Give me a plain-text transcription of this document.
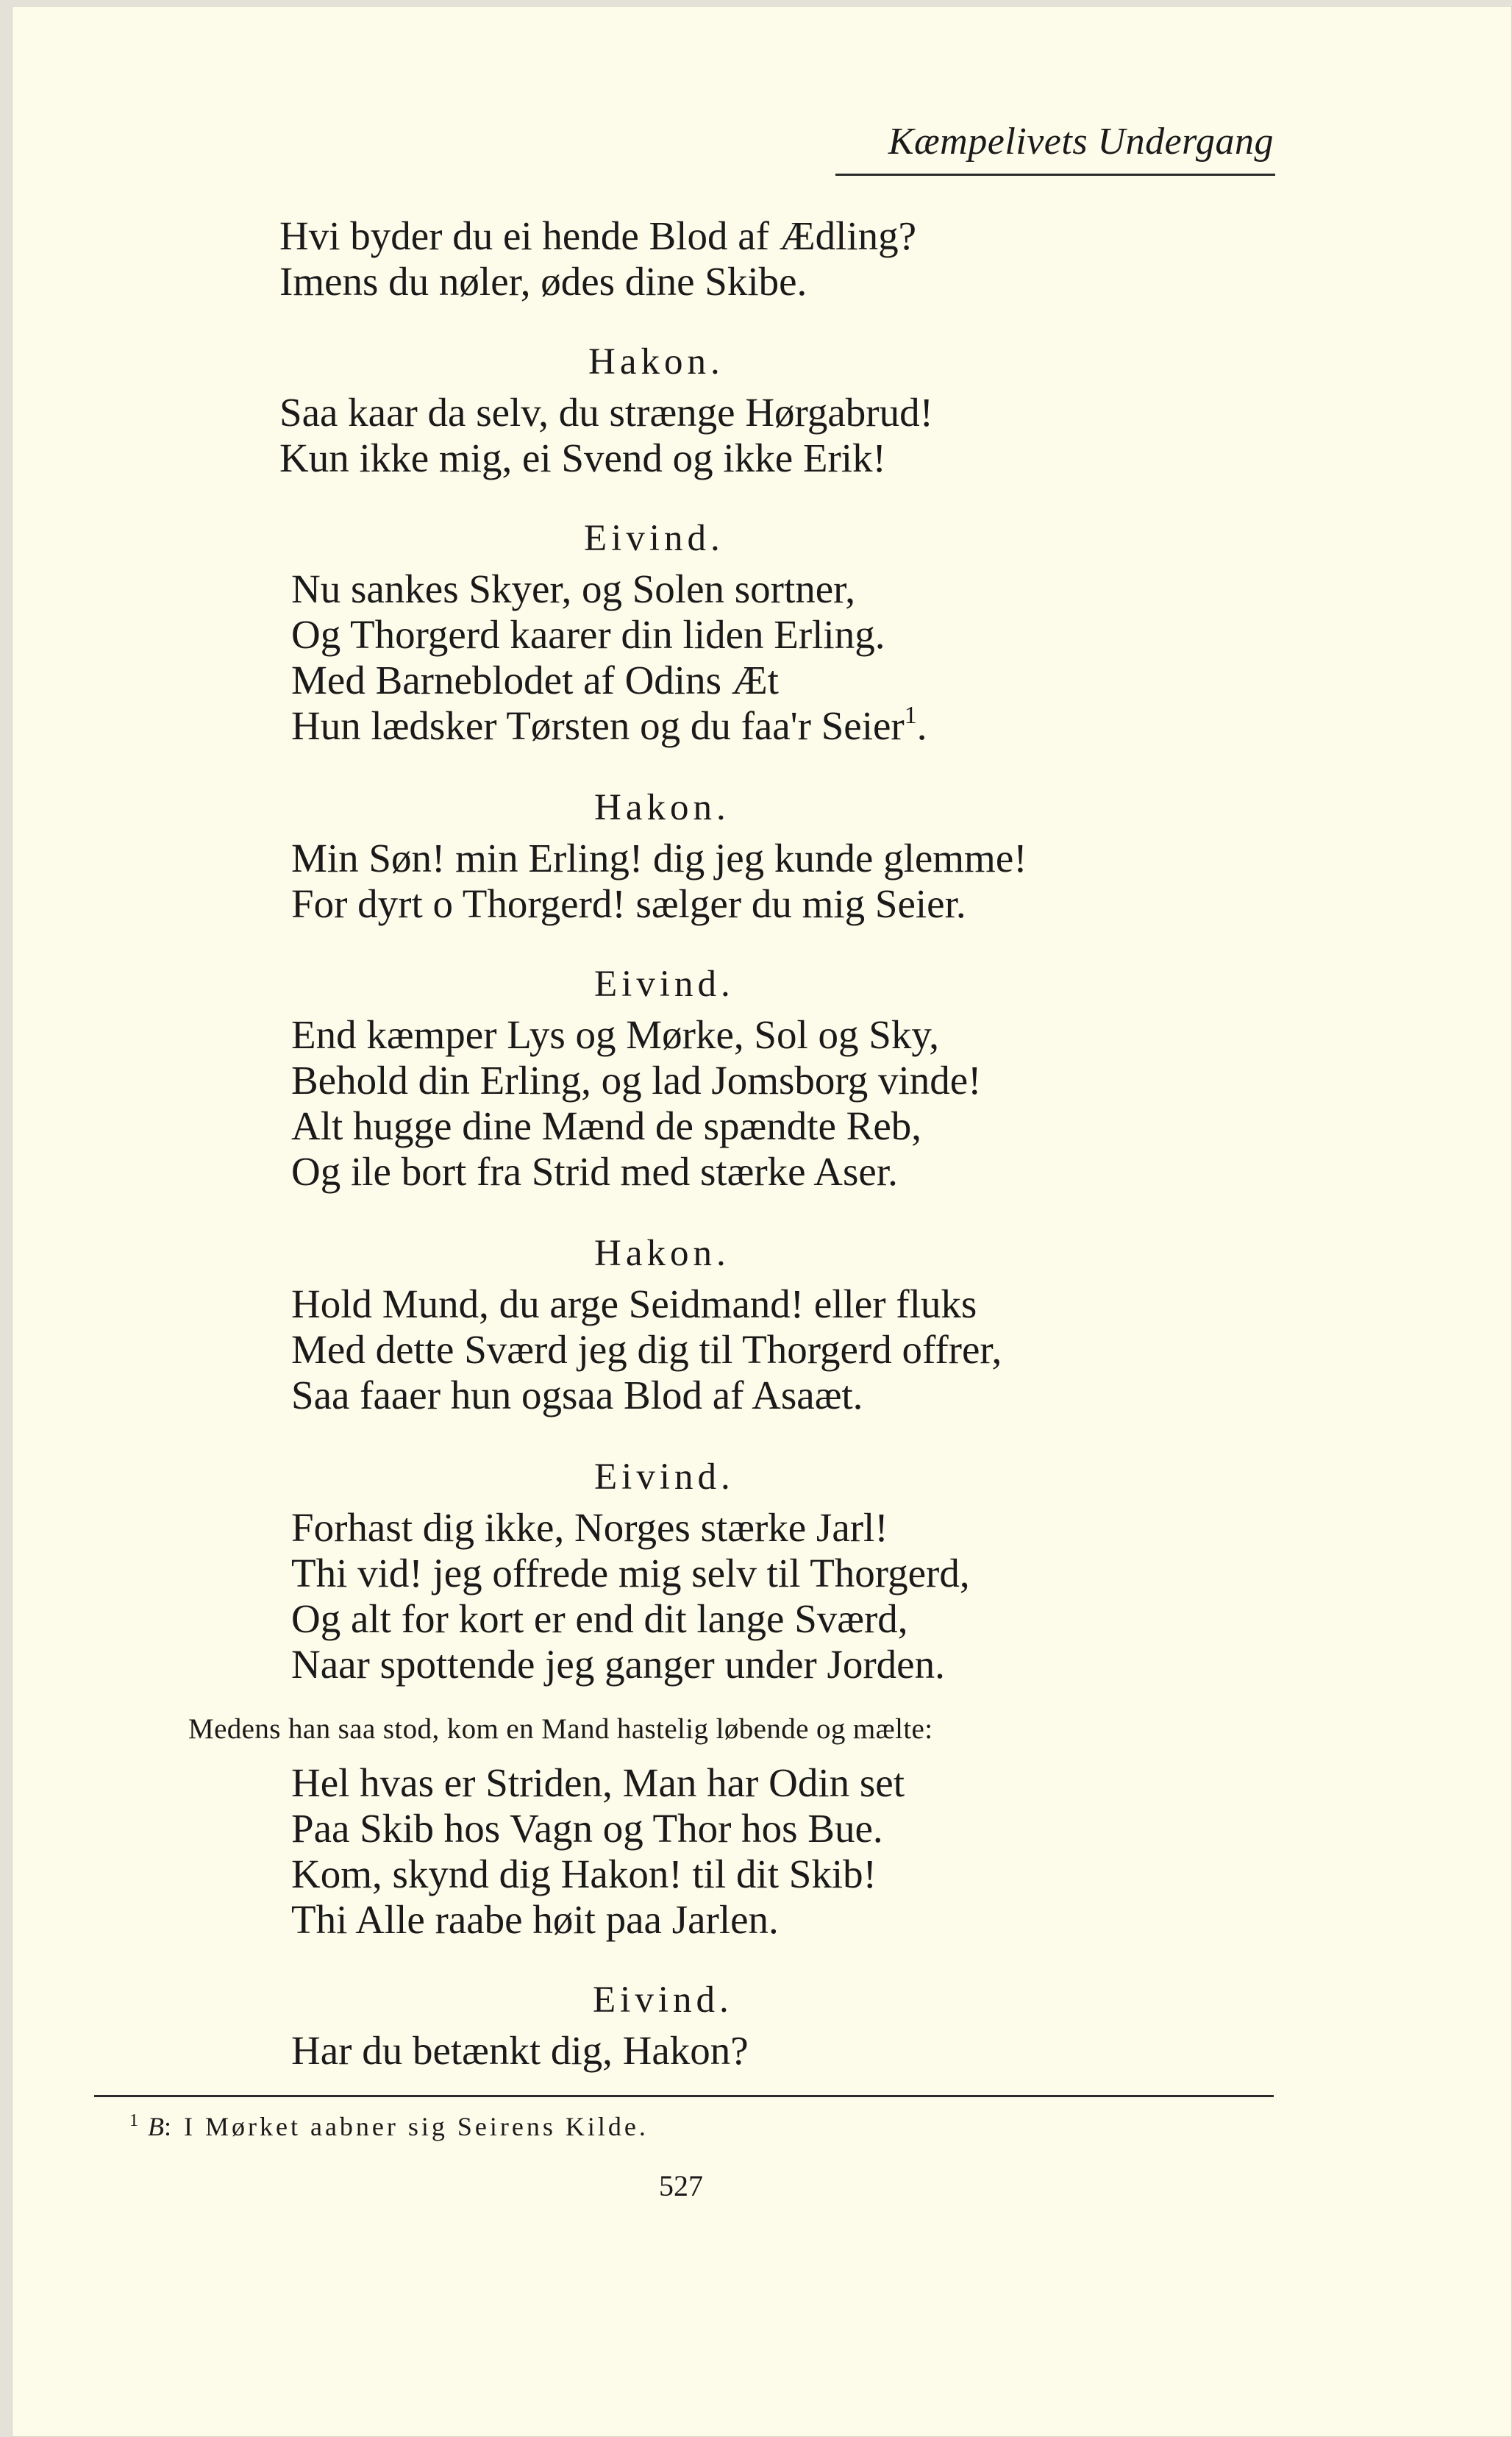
Kæmpelivets Undergang
Hvi byder du ei hende Blod af Ædling?
Imens du nøler, ødes dine Skibe.
Hakon.
Saa kaar da selv, du strænge Hørgabrud!
Kun ikke mig, ei Svend og ikke Erik!
Eivind.
Nu sankes Skyer, og Solen sortner,
Og Thorgerd kaarer din liden Erling.
Med Barneblodet af Odins Æt
Hun lædsker Tørsten og du faa'r Seier$^1$.
Hakon.
Min Søn! min Erling! dig jeg kunde glemme!
For dyrt o Thorgerd! sælger du mig Seier.
Eivind.
End kæmper Lys og Mørke, Sol og Sky,
Behold din Erling, og lad Jomsborg vinde!
Alt hugge dine Mænd de spændte Reb,
Og ile bort fra Strid med stærke Aser.
Hakon.
Hold Mund, du arge Seidmand! eller fluks
Med dette Sværd jeg dig til Thorgerd offrer,
Saa faaer hun ogsaa Blod af Asaæt.
Eivind.
Forhast dig ikke, Norges stærke Jarl!
Thi vid! jeg offrede mig selv til Thorgerd,
Og alt for kort er end dit lange Sværd,
Naar spottende jeg ganger under Jorden.
Medens han saa stod, kom en Mand hastelig løbende og mælte:
Hel hvas er Striden, Man har Odin set
Paa Skib hos Vagn og Thor hos Bue.
Kom, skynd dig Hakon! til dit Skib!
Thi Alle raabe høit paa Jarlen.
Eivind.
Har du betænkt dig, Hakon?
$^1$ B: I Mørket aabner sig Seirens Kilde.
527
